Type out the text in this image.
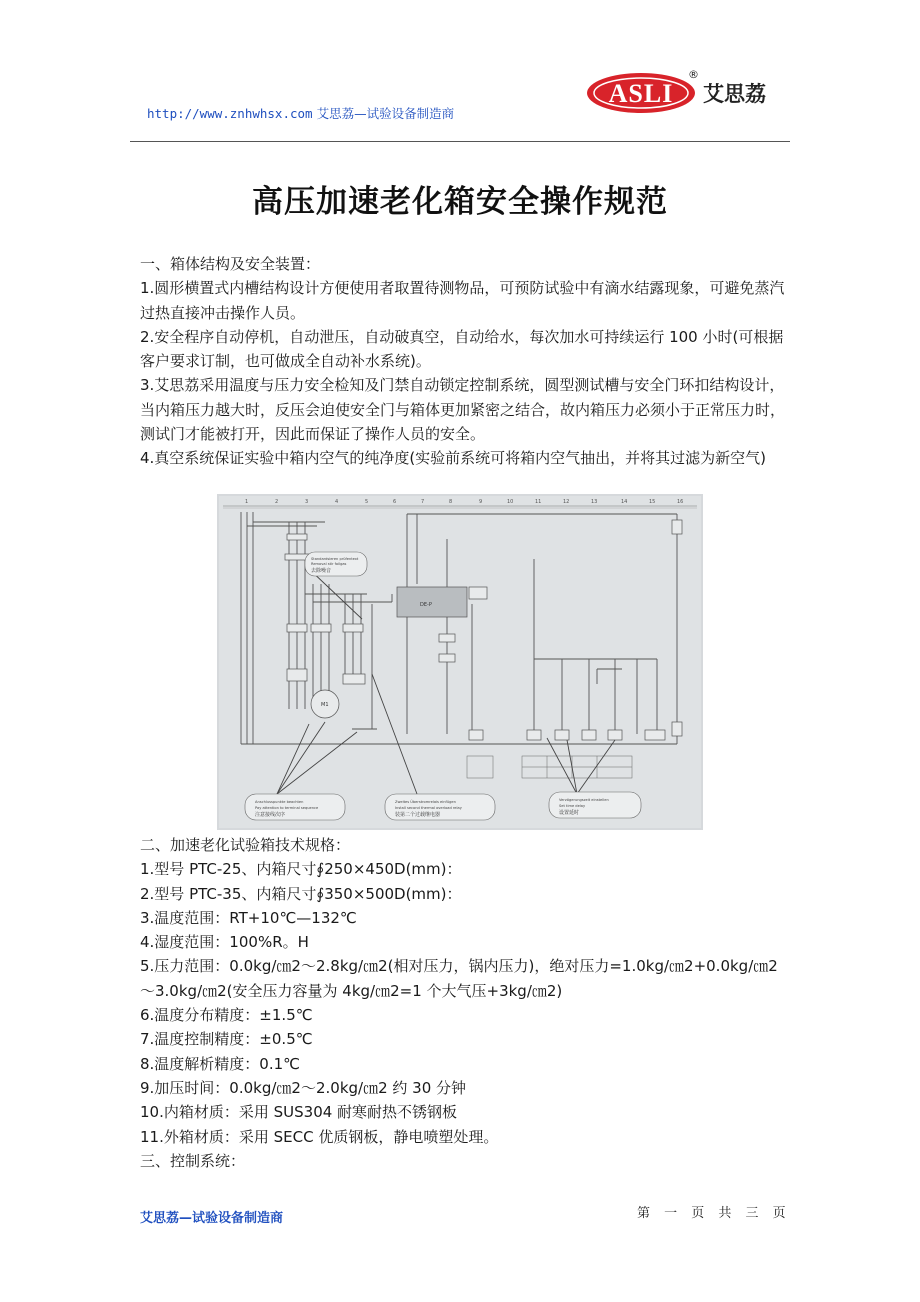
http://www.znhwhsx.com 艾思荔—试验设备制造商
ASLI
®
艾思荔
高压加速老化箱安全操作规范

一、箱体结构及安全装置：

1.圆形横置式内槽结构设计方便使用者取置待测物品，可预防试验中有滴水结露现象，可避免蒸汽过热直接冲击操作人员。

2.安全程序自动停机，自动泄压，自动破真空，自动给水，每次加水可持续运行 100 小时(可根据客户要求订制，也可做成全自动补水系统)。

3.艾思荔采用温度与压力安全检知及门禁自动锁定控制系统，圆型测试槽与安全门环扣结构设计，当内箱压力越大时，反压会迫使安全门与箱体更加紧密之结合，故内箱压力必须小于正常压力时，测试门才能被打开，因此而保证了操作人员的安全。

4.真空系统保证实验中箱内空气的纯净度(实验前系统可将箱内空气抽出，并将其过滤为新空气)

1	2	3	4	5	6	7	8	9	10	11	12	13	14	15	16
DE-P
M1
去除噪音
Standardsieren prüfentext
Removal stir foilgas
Anschlusspunkte beachten
Pay attention to terminal sequence
注意接线次序
Zweites Überstromrelais einfügen
Install second thermal overload relay
装第二个过载继电器
Verzögerungszeit einstellen
Set time delay
设置延时

二、加速老化试验箱技术规格：

1.型号 PTC-25、内箱尺寸∮250×450D(mm)：

2.型号 PTC-35、内箱尺寸∮350×500D(mm)：

3.温度范围：RT+10℃—132℃

4.湿度范围：100%R。H

5.压力范围：0.0kg/㎝2～2.8kg/㎝2(相对压力，锅内压力)，绝对压力=1.0kg/㎝2+0.0kg/㎝2～3.0kg/㎝2(安全压力容量为 4kg/㎝2=1 个大气压+3kg/㎝2)

6.温度分布精度：±1.5℃

7.温度控制精度：±0.5℃

8.温度解析精度：0.1℃

9.加压时间：0.0kg/㎝2～2.0kg/㎝2 约 30 分钟

10.内箱材质：采用 SUS304 耐寒耐热不锈钢板

11.外箱材质：采用 SECC 优质钢板，静电喷塑处理。

三、控制系统：

艾思荔—试验设备制造商	第 一 页 共 三 页
